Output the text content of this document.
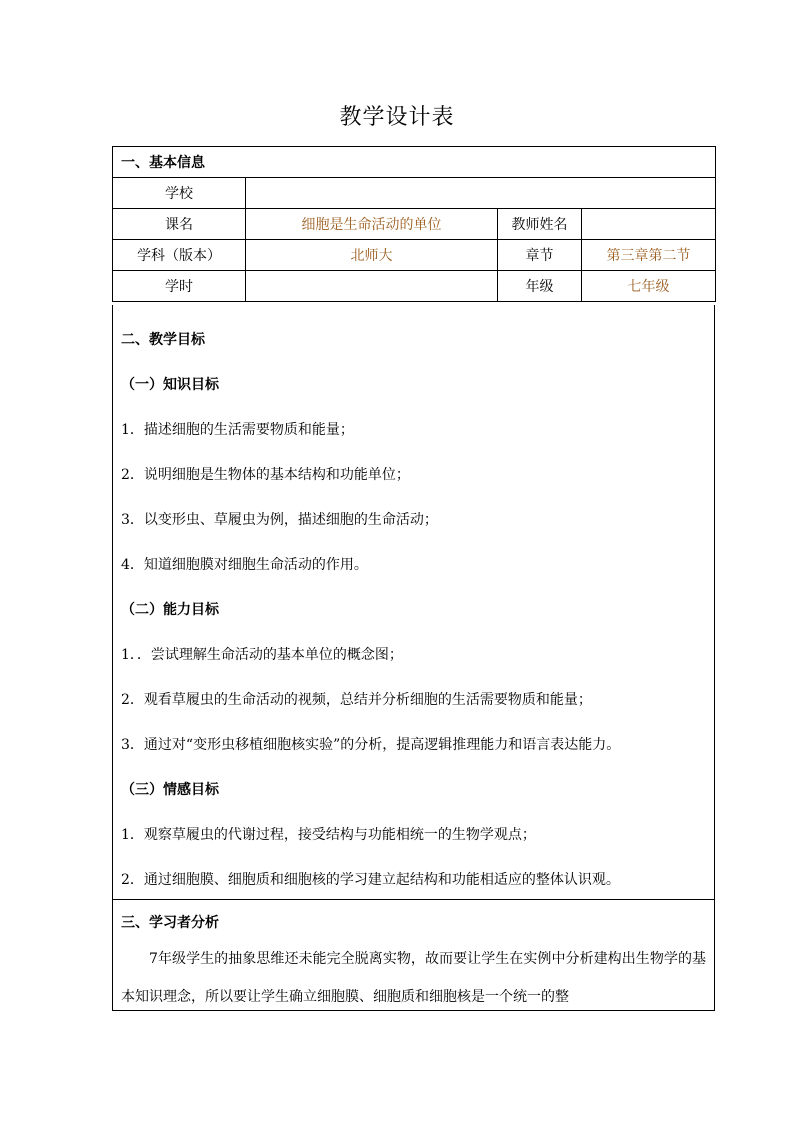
教学设计表
一、基本信息			
学校			
课名	细胞是生命活动的单位	教师姓名	
学科（版本）	北师大	章节	第三章第二节
学时		年级	七年级
二、教学目标
（一）知识目标
1．描述细胞的生活需要物质和能量；
2．说明细胞是生物体的基本结构和功能单位；
3．以变形虫、草履虫为例，描述细胞的生命活动；
4．知道细胞膜对细胞生命活动的作用。
（二）能力目标
1．．尝试理解生命活动的基本单位的概念图；
2．观看草履虫的生命活动的视频，总结并分析细胞的生活需要物质和能量；
3．通过对“变形虫移植细胞核实验”的分析，提高逻辑推理能力和语言表达能力。
（三）情感目标
1．观察草履虫的代谢过程，接受结构与功能相统一的生物学观点；
2．通过细胞膜、细胞质和细胞核的学习建立起结构和功能相适应的整体认识观。
三、学习者分析
7年级学生的抽象思维还未能完全脱离实物，故而要让学生在实例中分析建构出生物学的基本知识理念，所以要让学生确立细胞膜、细胞质和细胞核是一个统一的整
